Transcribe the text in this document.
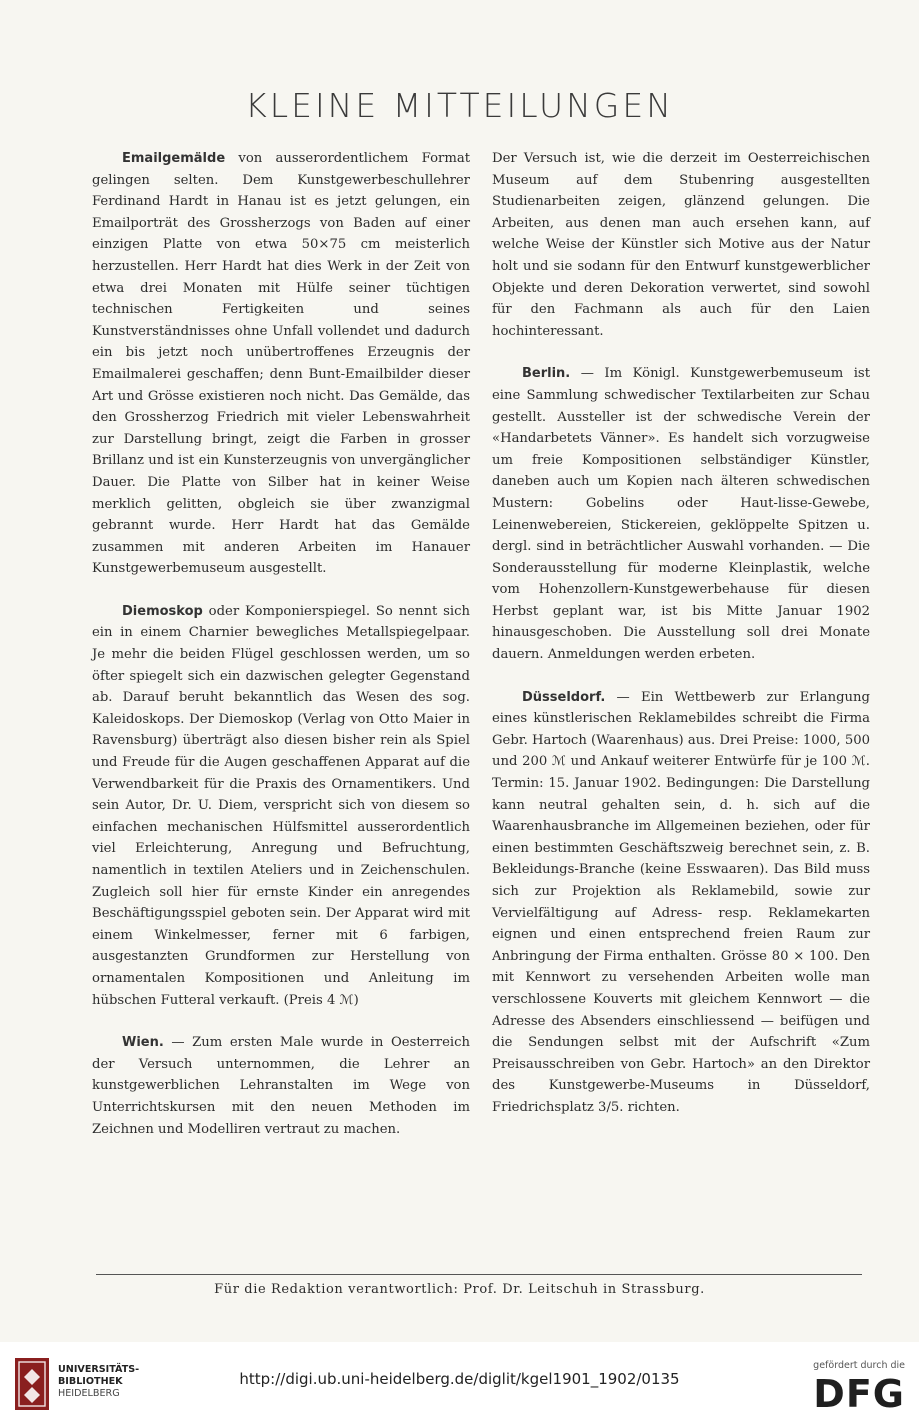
KLEINE MITTEILUNGEN

Emailgemälde von ausserordentlichem Format gelingen selten. Dem Kunstgewerbeschullehrer Ferdinand Hardt in Hanau ist es jetzt gelungen, ein Emailporträt des Grossherzogs von Baden auf einer einzigen Platte von etwa 50×75 cm meisterlich herzustellen. Herr Hardt hat dies Werk in der Zeit von etwa drei Monaten mit Hülfe seiner tüchtigen technischen Fertigkeiten und seines Kunstverständnisses ohne Unfall vollendet und dadurch ein bis jetzt noch unübertroffenes Erzeugnis der Emailmalerei geschaffen; denn Bunt-Emailbilder dieser Art und Grösse existieren noch nicht. Das Gemälde, das den Grossherzog Friedrich mit vieler Lebenswahrheit zur Darstellung bringt, zeigt die Farben in grosser Brillanz und ist ein Kunsterzeugnis von unvergänglicher Dauer. Die Platte von Silber hat in keiner Weise merklich gelitten, obgleich sie über zwanzigmal gebrannt wurde. Herr Hardt hat das Gemälde zusammen mit anderen Arbeiten im Hanauer Kunstgewerbemuseum ausgestellt.

Diemoskop oder Komponierspiegel. So nennt sich ein in einem Charnier bewegliches Metallspiegelpaar. Je mehr die beiden Flügel geschlossen werden, um so öfter spiegelt sich ein dazwischen gelegter Gegenstand ab. Darauf beruht bekanntlich das Wesen des sog. Kaleidoskops. Der Diemoskop (Verlag von Otto Maier in Ravensburg) überträgt also diesen bisher rein als Spiel und Freude für die Augen geschaffenen Apparat auf die Verwendbarkeit für die Praxis des Ornamentikers. Und sein Autor, Dr. U. Diem, verspricht sich von diesem so einfachen mechanischen Hülfsmittel ausserordentlich viel Erleichterung, Anregung und Befruchtung, namentlich in textilen Ateliers und in Zeichenschulen. Zugleich soll hier für ernste Kinder ein anregendes Beschäftigungsspiel geboten sein. Der Apparat wird mit einem Winkelmesser, ferner mit 6 farbigen, ausgestanzten Grundformen zur Herstellung von ornamentalen Kompositionen und Anleitung im hübschen Futteral verkauft. (Preis 4 ℳ)

Wien. — Zum ersten Male wurde in Oesterreich der Versuch unternommen, die Lehrer an kunstgewerblichen Lehranstalten im Wege von Unterrichtskursen mit den neuen Methoden im Zeichnen und Modelliren vertraut zu machen.

Der Versuch ist, wie die derzeit im Oesterreichischen Museum auf dem Stubenring ausgestellten Studienarbeiten zeigen, glänzend gelungen. Die Arbeiten, aus denen man auch ersehen kann, auf welche Weise der Künstler sich Motive aus der Natur holt und sie sodann für den Entwurf kunstgewerblicher Objekte und deren Dekoration verwertet, sind sowohl für den Fachmann als auch für den Laien hochinteressant.

Berlin. — Im Königl. Kunstgewerbemuseum ist eine Sammlung schwedischer Textilarbeiten zur Schau gestellt. Aussteller ist der schwedische Verein der «Handarbetets Vänner». Es handelt sich vorzugweise um freie Kompositionen selbständiger Künstler, daneben auch um Kopien nach älteren schwedischen Mustern: Gobelins oder Haut-lisse-Gewebe, Leinenwebereien, Stickereien, geklöppelte Spitzen u. dergl. sind in beträchtlicher Auswahl vorhanden. — Die Sonderausstellung für moderne Kleinplastik, welche vom Hohenzollern-Kunstgewerbehause für diesen Herbst geplant war, ist bis Mitte Januar 1902 hinausgeschoben. Die Ausstellung soll drei Monate dauern. Anmeldungen werden erbeten.

Düsseldorf. — Ein Wettbewerb zur Erlangung eines künstlerischen Reklamebildes schreibt die Firma Gebr. Hartoch (Waarenhaus) aus. Drei Preise: 1000, 500 und 200 ℳ und Ankauf weiterer Entwürfe für je 100 ℳ. Termin: 15. Januar 1902. Bedingungen: Die Darstellung kann neutral gehalten sein, d. h. sich auf die Waarenhausbranche im Allgemeinen beziehen, oder für einen bestimmten Geschäftszweig berechnet sein, z. B. Bekleidungs-Branche (keine Esswaaren). Das Bild muss sich zur Projektion als Reklamebild, sowie zur Vervielfältigung auf Adress- resp. Reklamekarten eignen und einen entsprechend freien Raum zur Anbringung der Firma enthalten. Grösse 80 × 100. Den mit Kennwort zu versehenden Arbeiten wolle man verschlossene Kouverts mit gleichem Kennwort — die Adresse des Absenders einschliessend — beifügen und die Sendungen selbst mit der Aufschrift «Zum Preisausschreiben von Gebr. Hartoch» an den Direktor des Kunstgewerbe-Museums in Düsseldorf, Friedrichsplatz 3/5. richten.

Für die Redaktion verantwortlich: Prof. Dr. Leitschuh in Strassburg.
UNIVERSITÄTS-
BIBLIOTHEK
HEIDELBERG
http://digi.ub.uni-heidelberg.de/diglit/kgel1901_1902/0135
gefördert durch die
DFG
